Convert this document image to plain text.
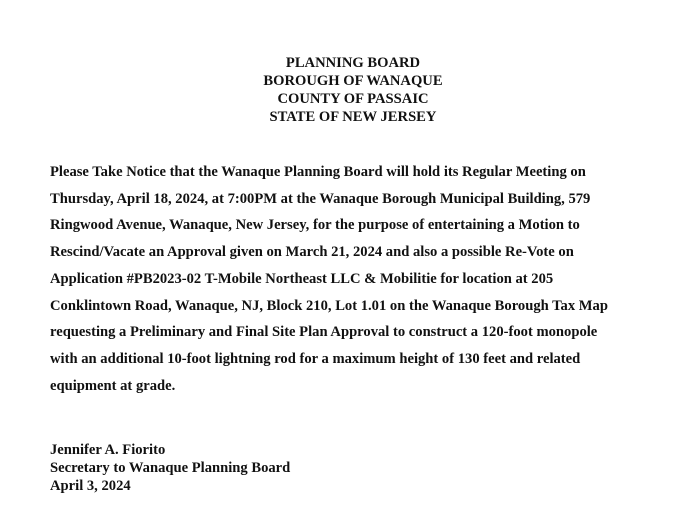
PLANNING BOARD
BOROUGH OF WANAQUE
COUNTY OF PASSAIC
STATE OF NEW JERSEY
Please Take Notice that the Wanaque Planning Board will hold its Regular Meeting on
Thursday, April 18, 2024, at 7:00PM at the Wanaque Borough Municipal Building, 579
Ringwood Avenue, Wanaque, New Jersey, for the purpose of entertaining a Motion to
Rescind/Vacate an Approval given on March 21, 2024 and also a possible Re-Vote on
Application #PB2023-02 T-Mobile Northeast LLC & Mobilitie for location at 205
Conklintown Road, Wanaque, NJ, Block 210, Lot 1.01 on the Wanaque Borough Tax Map
requesting a Preliminary and Final Site Plan Approval to construct a 120-foot monopole
with an additional 10-foot lightning rod for a maximum height of 130 feet and related
equipment at grade.
Jennifer A. Fiorito
Secretary to Wanaque Planning Board
April 3, 2024
